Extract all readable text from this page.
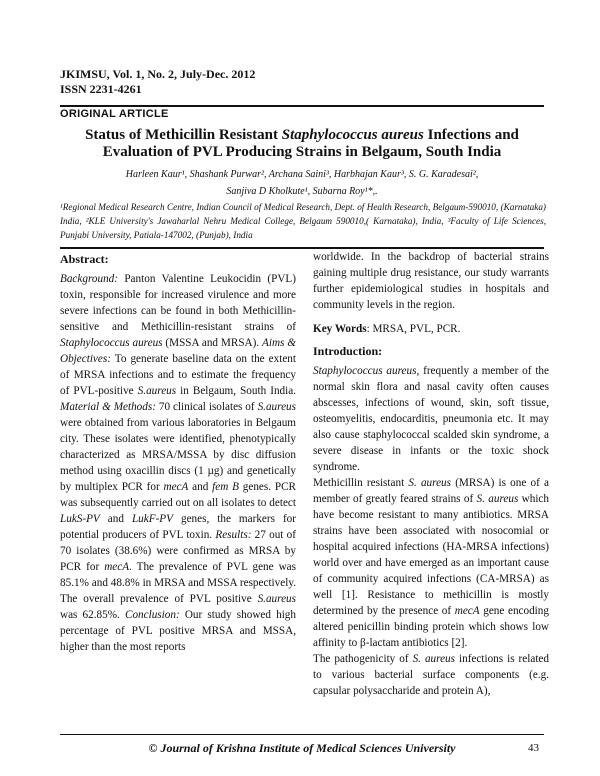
JKIMSU, Vol. 1, No. 2, July-Dec. 2012
ISSN 2231-4261
ORIGINAL ARTICLE
Status of Methicillin Resistant Staphylococcus aureus Infections and Evaluation of PVL Producing Strains in Belgaum, South India
Harleen Kaur¹, Shashank Purwar², Archana Saini³, Harbhajan Kaur³, S. G. Karadesai²,
Sanjiva D Kholkute¹, Subarna Roy¹*,.
¹Regional Medical Research Centre, Indian Council of Medical Research, Dept. of Health Research, Belgaum-590010, (Karnataka) India, ²KLE University's Jawaharlal Nehru Medical College, Belgaum 590010,( Karnataka), India, ³Faculty of Life Sciences, Punjabi University, Patiala-147002, (Punjab), India
Abstract:

Background: Panton Valentine Leukocidin (PVL) toxin, responsible for increased virulence and more severe infections can be found in both Methicillin-sensitive and Methicillin-resistant strains of Staphylococcus aureus (MSSA and MRSA). Aims & Objectives: To generate baseline data on the extent of MRSA infections and to estimate the frequency of PVL-positive S.aureus in Belgaum, South India. Material & Methods: 70 clinical isolates of S.aureus were obtained from various laboratories in Belgaum city. These isolates were identified, phenotypically characterized as MRSA/MSSA by disc diffusion method using oxacillin discs (1 µg) and genetically by multiplex PCR for mecA and fem B genes. PCR was subsequently carried out on all isolates to detect LukS-PV and LukF-PV genes, the markers for potential producers of PVL toxin. Results: 27 out of 70 isolates (38.6%) were confirmed as MRSA by PCR for mecA. The prevalence of PVL gene was 85.1% and 48.8% in MRSA and MSSA respectively. The overall prevalence of PVL positive S.aureus was 62.85%. Conclusion: Our study showed high percentage of PVL positive MRSA and MSSA, higher than the most reports

worldwide. In the backdrop of bacterial strains gaining multiple drug resistance, our study warrants further epidemiological studies in hospitals and community levels in the region.

Key Words: MRSA, PVL, PCR.

Introduction:

Staphylococcus aureus, frequently a member of the normal skin flora and nasal cavity often causes abscesses, infections of wound, skin, soft tissue, osteomyelitis, endocarditis, pneumonia etc. It may also cause staphylococcal scalded skin syndrome, a severe disease in infants or the toxic shock syndrome.

Methicillin resistant S. aureus (MRSA) is one of a member of greatly feared strains of S. aureus which have become resistant to many antibiotics. MRSA strains have been associated with nosocomial or hospital acquired infections (HA-MRSA infections) world over and have emerged as an important cause of community acquired infections (CA-MRSA) as well [1]. Resistance to methicillin is mostly determined by the presence of mecA gene encoding altered penicillin binding protein which shows low affinity to β-lactam antibiotics [2].

The pathogenicity of S. aureus infections is related to various bacterial surface components (e.g. capsular polysaccharide and protein A),

© Journal of Krishna Institute of Medical Sciences University	43
